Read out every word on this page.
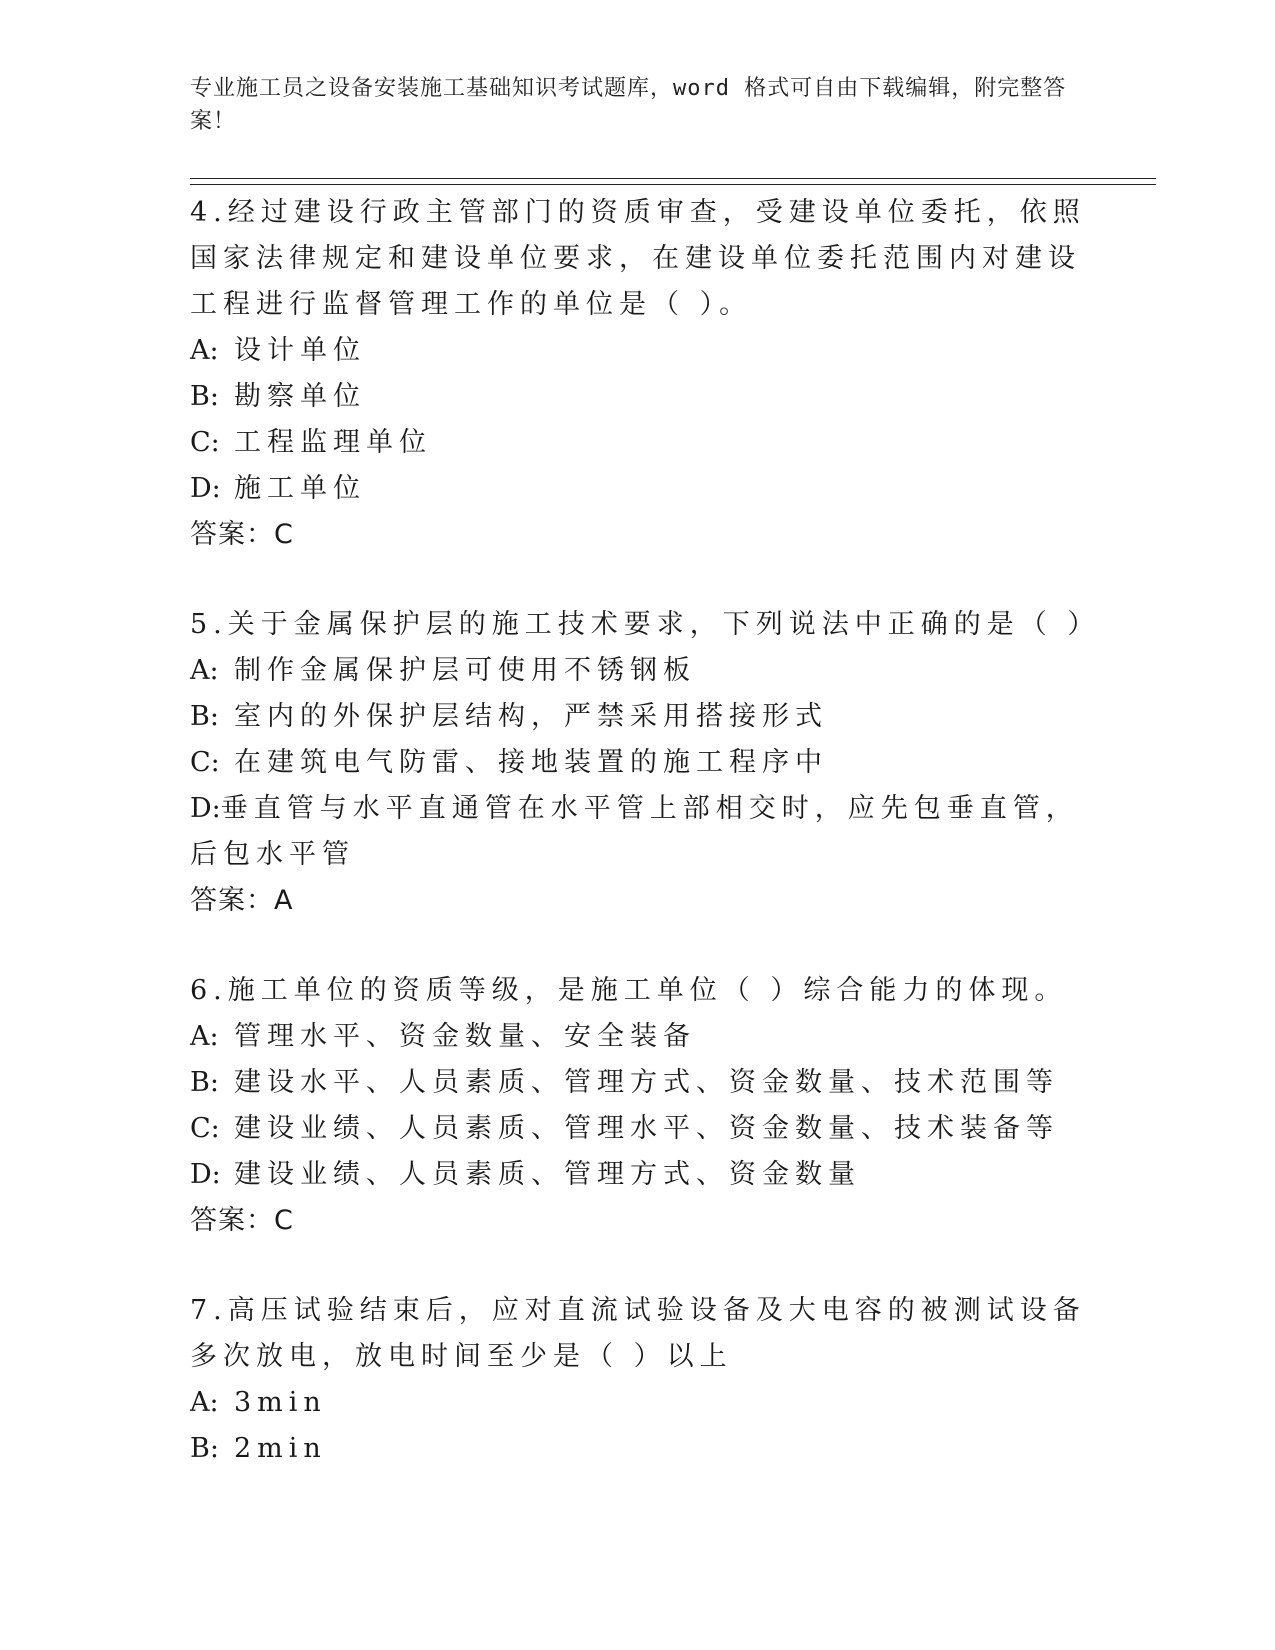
专业施工员之设备安装施工基础知识考试题库，word 格式可自由下载编辑，附完整答案！

4.经过建设行政主管部门的资质审查，受建设单位委托，依照国家法律规定和建设单位要求，在建设单位委托范围内对建设工程进行监督管理工作的单位是（ ）。

A: 设计单位

B: 勘察单位

C: 工程监理单位

D: 施工单位

答案：C

5.关于金属保护层的施工技术要求，下列说法中正确的是（ ）

A: 制作金属保护层可使用不锈钢板

B: 室内的外保护层结构，严禁采用搭接形式

C: 在建筑电气防雷、接地装置的施工程序中

D:垂直管与水平直通管在水平管上部相交时，应先包垂直管，后包水平管

答案：A

6.施工单位的资质等级，是施工单位（ ）综合能力的体现。

A: 管理水平、资金数量、安全装备

B: 建设水平、人员素质、管理方式、资金数量、技术范围等

C: 建设业绩、人员素质、管理水平、资金数量、技术装备等

D: 建设业绩、人员素质、管理方式、资金数量

答案：C

7.高压试验结束后，应对直流试验设备及大电容的被测试设备多次放电，放电时间至少是（ ）以上

A: 3min

B: 2min
